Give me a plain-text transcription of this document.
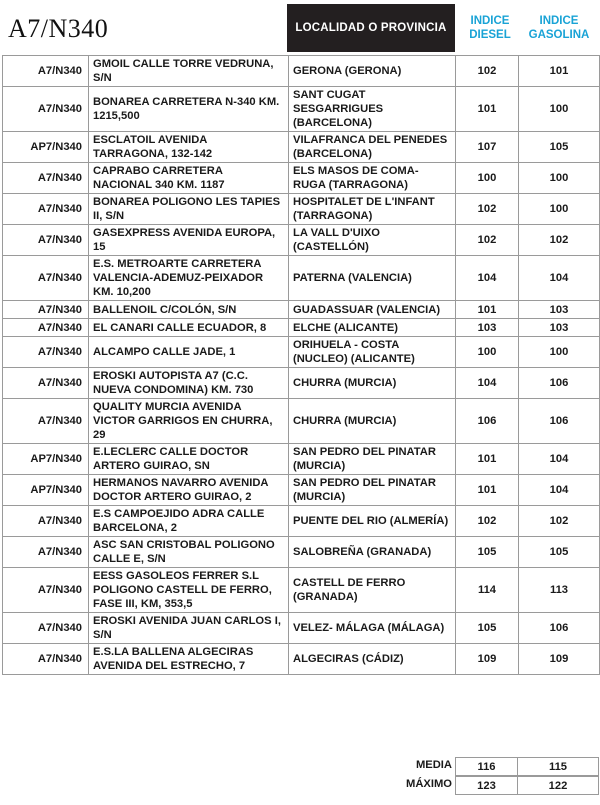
A7/N340	LOCALIDAD O PROVINCIA
INDICE
DIESEL
INDICE
GASOLINA
A7/N340	GMOIL CALLE TORRE VEDRUNA, S/N	GERONA (GERONA)	102	101
A7/N340	BONAREA CARRETERA N-340 KM. 1215,500	SANT CUGAT SESGARRIGUES (BARCELONA)	101	100
AP7/N340	ESCLATOIL AVENIDA TARRAGONA, 132-142	VILAFRANCA DEL PENEDES (BARCELONA)	107	105
A7/N340	CAPRABO CARRETERA NACIONAL 340 KM. 1187	ELS MASOS DE COMA-RUGA (TARRAGONA)	100	100
A7/N340	BONAREA POLIGONO LES TAPIES II, S/N	HOSPITALET DE L'INFANT (TARRAGONA)	102	100
A7/N340	GASEXPRESS AVENIDA EUROPA, 15	LA VALL D'UIXO (CASTELLÓN)	102	102
A7/N340	E.S. METROARTE CARRETERA VALENCIA-ADEMUZ-PEIXADOR KM. 10,200	PATERNA (VALENCIA)	104	104
A7/N340	BALLENOIL C/COLÓN, S/N	GUADASSUAR (VALENCIA)	101	103
A7/N340	EL CANARI CALLE ECUADOR, 8	ELCHE (ALICANTE)	103	103
A7/N340	ALCAMPO CALLE JADE, 1	ORIHUELA - COSTA (NUCLEO) (ALICANTE)	100	100
A7/N340	EROSKI AUTOPISTA A7 (C.C. NUEVA CONDOMINA) KM. 730	CHURRA (MURCIA)	104	106
A7/N340	QUALITY MURCIA AVENIDA VICTOR GARRIGOS EN CHURRA, 29	CHURRA (MURCIA)	106	106
AP7/N340	E.LECLERC CALLE DOCTOR ARTERO GUIRAO, SN	SAN PEDRO DEL PINATAR (MURCIA)	101	104
AP7/N340	HERMANOS NAVARRO AVENIDA DOCTOR ARTERO GUIRAO, 2	SAN PEDRO DEL PINATAR (MURCIA)	101	104
A7/N340	E.S CAMPOEJIDO ADRA CALLE BARCELONA, 2	PUENTE DEL RIO (ALMERÍA)	102	102
A7/N340	ASC SAN CRISTOBAL POLIGONO CALLE E, S/N	SALOBREÑA (GRANADA)	105	105
A7/N340	EESS GASOLEOS FERRER S.L POLIGONO CASTELL DE FERRO, FASE III, KM, 353,5	CASTELL DE FERRO (GRANADA)	114	113
A7/N340	EROSKI AVENIDA JUAN CARLOS I, S/N	VELEZ- MÁLAGA (MÁLAGA)	105	106
A7/N340	E.S.LA BALLENA ALGECIRAS AVENIDA DEL ESTRECHO, 7	ALGECIRAS (CÁDIZ)	109	109
MEDIA	116	115
MÁXIMO	123	122
